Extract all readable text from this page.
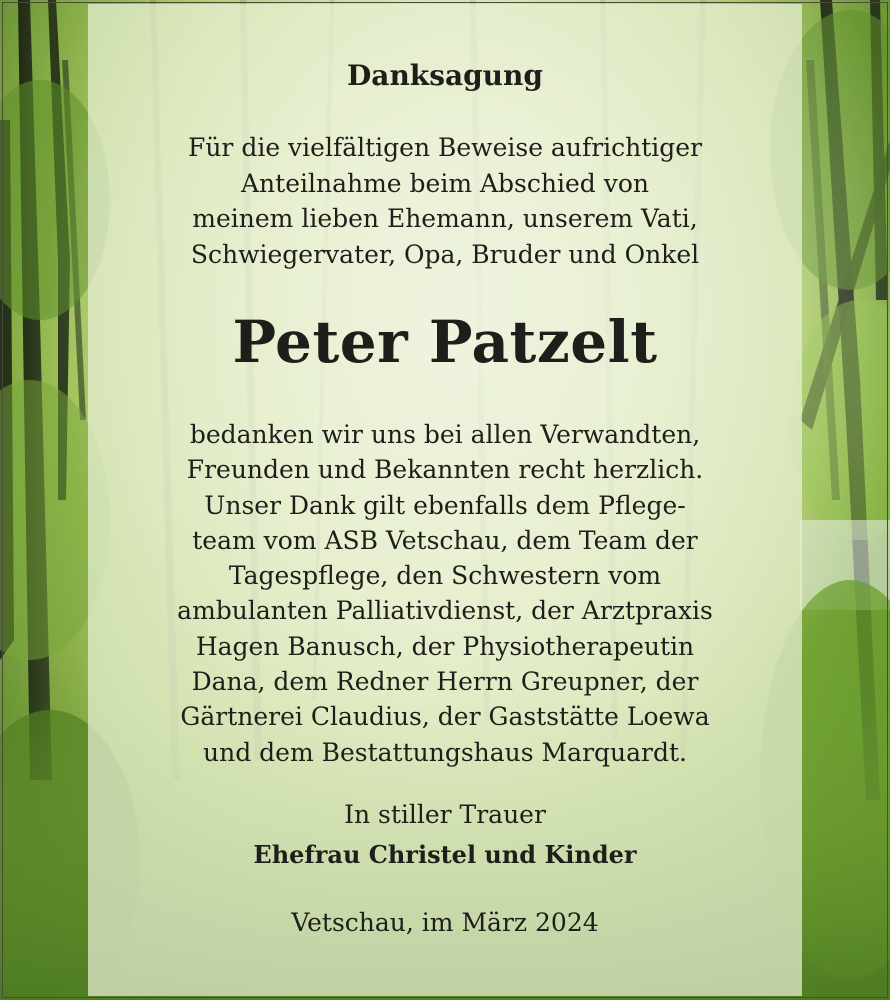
Danksagung

Für die vielfältigen Beweise aufrichtiger
Anteilnahme beim Abschied von
meinem lieben Ehemann, unserem Vati,
Schwiegervater, Opa, Bruder und Onkel

Peter Patzelt

bedanken wir uns bei allen Verwandten,
Freunden und Bekannten recht herzlich.
Unser Dank gilt ebenfalls dem Pflege-
team vom ASB Vetschau, dem Team der
Tagespflege, den Schwestern vom
ambulanten Palliativdienst, der Arztpraxis
Hagen Banusch, der Physiotherapeutin
Dana, dem Redner Herrn Greupner, der
Gärtnerei Claudius, der Gaststätte Loewa
und dem Bestattungshaus Marquardt.

In stiller Trauer

Ehefrau Christel und Kinder

Vetschau, im März 2024
